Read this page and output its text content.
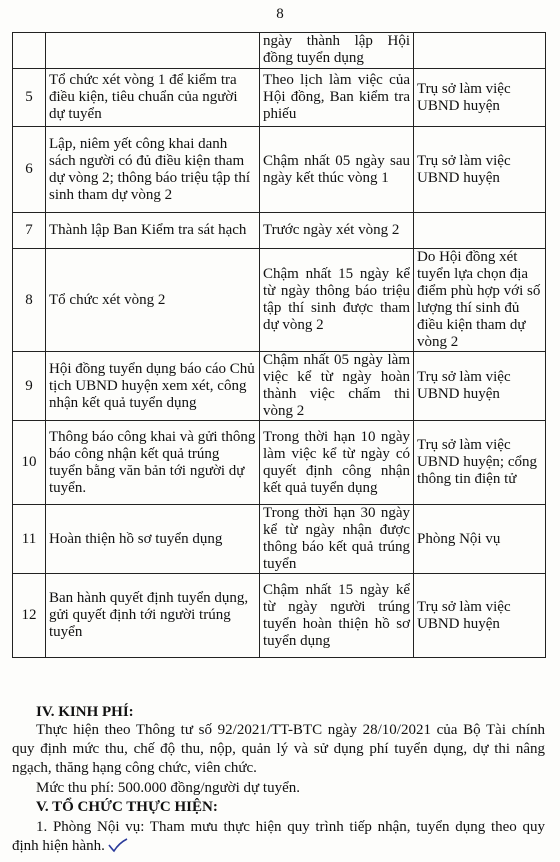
8
		ngày thành lập Hội đồng tuyển dụng	
5	Tổ chức xét vòng 1 để kiểm tra điều kiện, tiêu chuẩn của người dự tuyển	Theo lịch làm việc của Hội đồng, Ban kiểm tra phiếu	Trụ sở làm việc UBND huyện
6	Lập, niêm yết công khai danh sách người có đủ điều kiện tham dự vòng 2; thông báo triệu tập thí sinh tham dự vòng 2	Chậm nhất 05 ngày sau ngày kết thúc vòng 1	Trụ sở làm việc UBND huyện
7	Thành lập Ban Kiểm tra sát hạch	Trước ngày xét vòng 2	
8	Tổ chức xét vòng 2	Chậm nhất 15 ngày kể từ ngày thông báo triệu tập thí sinh được tham dự vòng 2	Do Hội đồng xét tuyển lựa chọn địa điểm phù hợp với số lượng thí sinh đủ điều kiện tham dự vòng 2
9	Hội đồng tuyển dụng báo cáo Chủ tịch UBND huyện xem xét, công nhận kết quả tuyển dụng	Chậm nhất 05 ngày làm việc kể từ ngày hoàn thành việc chấm thi vòng 2	Trụ sở làm việc UBND huyện
10	Thông báo công khai và gửi thông báo công nhận kết quả trúng tuyển bằng văn bản tới người dự tuyển.	Trong thời hạn 10 ngày làm việc kể từ ngày có quyết định công nhận kết quả tuyển dụng	Trụ sở làm việc UBND huyện; cổng thông tin điện tử
11	Hoàn thiện hồ sơ tuyển dụng	Trong thời hạn 30 ngày kể từ ngày nhận được thông báo kết quả trúng tuyển	Phòng Nội vụ
12	Ban hành quyết định tuyển dụng, gửi quyết định tới người trúng tuyển	Chậm nhất 15 ngày kể từ ngày người trúng tuyển hoàn thiện hồ sơ tuyển dụng	Trụ sở làm việc UBND huyện
IV. KINH PHÍ:
Thực hiện theo Thông tư số 92/2021/TT-BTC ngày 28/10/2021 của Bộ Tài chính quy định mức thu, chế độ thu, nộp, quản lý và sử dụng phí tuyển dụng, dự thi nâng ngạch, thăng hạng công chức, viên chức.
Mức thu phí: 500.000 đồng/người dự tuyển.
V. TỔ CHỨC THỰC HIỆN:
1. Phòng Nội vụ: Tham mưu thực hiện quy trình tiếp nhận, tuyển dụng theo quy định hiện hành.
